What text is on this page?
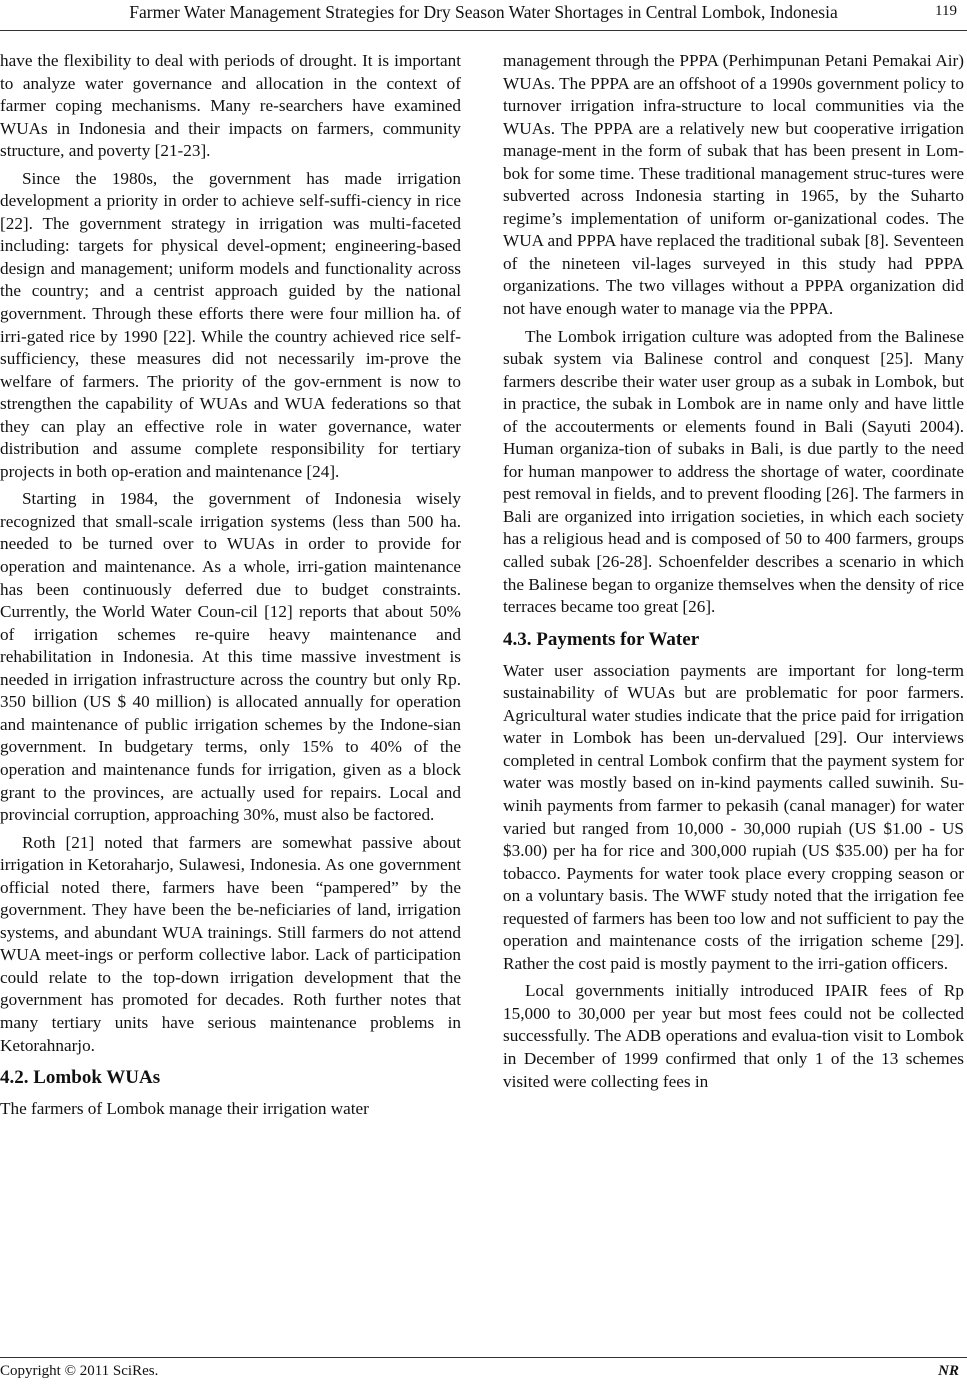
Farmer Water Management Strategies for Dry Season Water Shortages in Central Lombok, Indonesia	119

have the flexibility to deal with periods of drought. It is important to analyze water governance and allocation in the context of farmer coping mechanisms. Many re-searchers have examined WUAs in Indonesia and their impacts on farmers, community structure, and poverty [21-23].

Since the 1980s, the government has made irrigation development a priority in order to achieve self-suffi-ciency in rice [22]. The government strategy in irrigation was multi-faceted including: targets for physical devel-opment; engineering-based design and management; uniform models and functionality across the country; and a centrist approach guided by the national government. Through these efforts there were four million ha. of irri-gated rice by 1990 [22]. While the country achieved rice self-sufficiency, these measures did not necessarily im-prove the welfare of farmers. The priority of the gov-ernment is now to strengthen the capability of WUAs and WUA federations so that they can play an effective role in water governance, water distribution and assume complete responsibility for tertiary projects in both op-eration and maintenance [24].

Starting in 1984, the government of Indonesia wisely recognized that small-scale irrigation systems (less than 500 ha. needed to be turned over to WUAs in order to provide for operation and maintenance. As a whole, irri-gation maintenance has been continuously deferred due to budget constraints. Currently, the World Water Coun-cil [12] reports that about 50% of irrigation schemes re-quire heavy maintenance and rehabilitation in Indonesia. At this time massive investment is needed in irrigation infrastructure across the country but only Rp. 350 billion (US $ 40 million) is allocated annually for operation and maintenance of public irrigation schemes by the Indone-sian government. In budgetary terms, only 15% to 40% of the operation and maintenance funds for irrigation, given as a block grant to the provinces, are actually used for repairs. Local and provincial corruption, approaching 30%, must also be factored.

Roth [21] noted that farmers are somewhat passive about irrigation in Ketoraharjo, Sulawesi, Indonesia. As one government official noted there, farmers have been “pampered” by the government. They have been the be-neficiaries of land, irrigation systems, and abundant WUA trainings. Still farmers do not attend WUA meet-ings or perform collective labor. Lack of participation could relate to the top-down irrigation development that the government has promoted for decades. Roth further notes that many tertiary units have serious maintenance problems in Ketorahnarjo.

4.2. Lombok WUAs

The farmers of Lombok manage their irrigation water

management through the PPPA (Perhimpunan Petani Pemakai Air) WUAs. The PPPA are an offshoot of a 1990s government policy to turnover irrigation infra-structure to local communities via the WUAs. The PPPA are a relatively new but cooperative irrigation manage-ment in the form of subak that has been present in Lom-bok for some time. These traditional management struc-tures were subverted across Indonesia starting in 1965, by the Suharto regime’s implementation of uniform or-ganizational codes. The WUA and PPPA have replaced the traditional subak [8]. Seventeen of the nineteen vil-lages surveyed in this study had PPPA organizations. The two villages without a PPPA organization did not have enough water to manage via the PPPA.

The Lombok irrigation culture was adopted from the Balinese subak system via Balinese control and conquest [25]. Many farmers describe their water user group as a subak in Lombok, but in practice, the subak in Lombok are in name only and have little of the accouterments or elements found in Bali (Sayuti 2004). Human organiza-tion of subaks in Bali, is due partly to the need for human manpower to address the shortage of water, coordinate pest removal in fields, and to prevent flooding [26]. The farmers in Bali are organized into irrigation societies, in which each society has a religious head and is composed of 50 to 400 farmers, groups called subak [26-28]. Schoenfelder describes a scenario in which the Balinese began to organize themselves when the density of rice terraces became too great [26].

4.3. Payments for Water

Water user association payments are important for long-term sustainability of WUAs but are problematic for poor farmers. Agricultural water studies indicate that the price paid for irrigation water in Lombok has been un-dervalued [29]. Our interviews completed in central Lombok confirm that the payment system for water was mostly based on in-kind payments called suwinih. Su-winih payments from farmer to pekasih (canal manager) for water varied but ranged from 10,000 - 30,000 rupiah (US $1.00 - US $3.00) per ha for rice and 300,000 rupiah (US $35.00) per ha for tobacco. Payments for water took place every cropping season or on a voluntary basis. The WWF study noted that the irrigation fee requested of farmers has been too low and not sufficient to pay the operation and maintenance costs of the irrigation scheme [29]. Rather the cost paid is mostly payment to the irri-gation officers.

Local governments initially introduced IPAIR fees of Rp 15,000 to 30,000 per year but most fees could not be collected successfully. The ADB operations and evalua-tion visit to Lombok in December of 1999 confirmed that only 1 of the 13 schemes visited were collecting fees in

Copyright © 2011 SciRes.	NR
